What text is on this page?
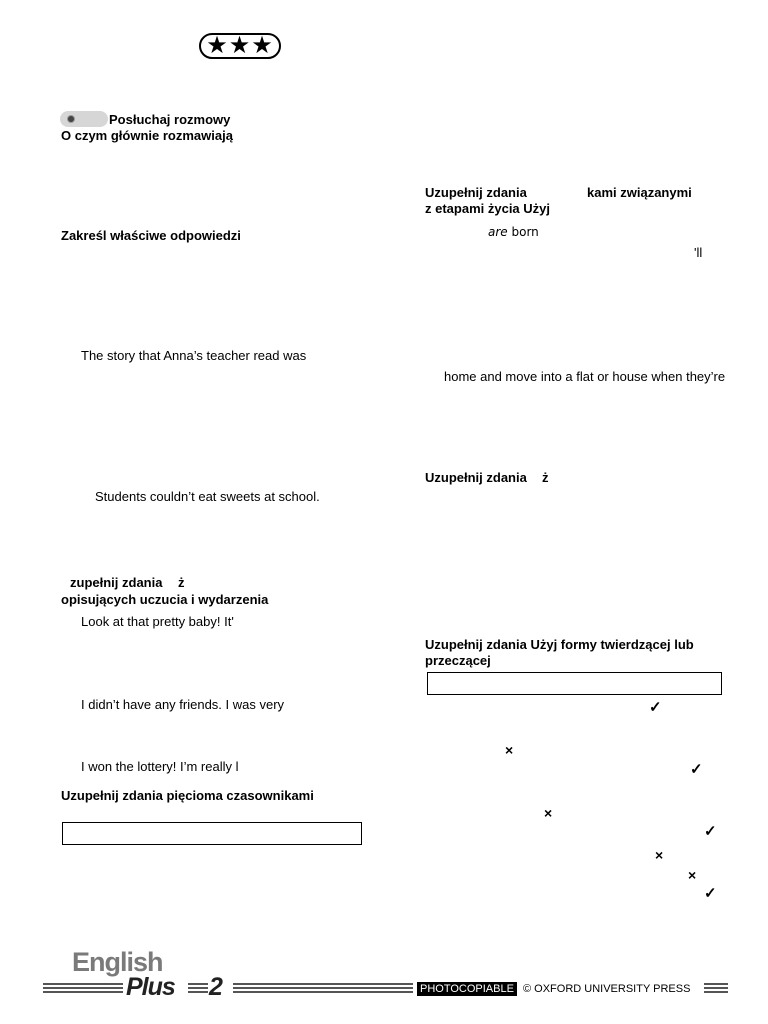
★★★
Posłuchaj rozmowy
O czym głównie rozmawiają
Zakreśl właściwe odpowiedzi
The story that Anna’s teacher read was
Students couldn’t eat sweets at school.
zupełnij zdania ż
opisujących uczucia i wydarzenia
Look at that pretty baby! It'
I didn’t have any friends. I was very
I won the lottery! I’m really l
Uzupełnij zdania pięcioma czasownikami
Uzupełnij zdania	kami związanymi
z etapami życia Użyj
are born
'll
home and move into a flat or house when they’re
Uzupełnij zdania ż
Uzupełnij zdania Użyj formy twierdzącej lub
przeczącej
✓
×
✓
×
✓
×
×
✓
English
Plus 2	PHOTOCOPIABLE © OXFORD UNIVERSITY PRESS
